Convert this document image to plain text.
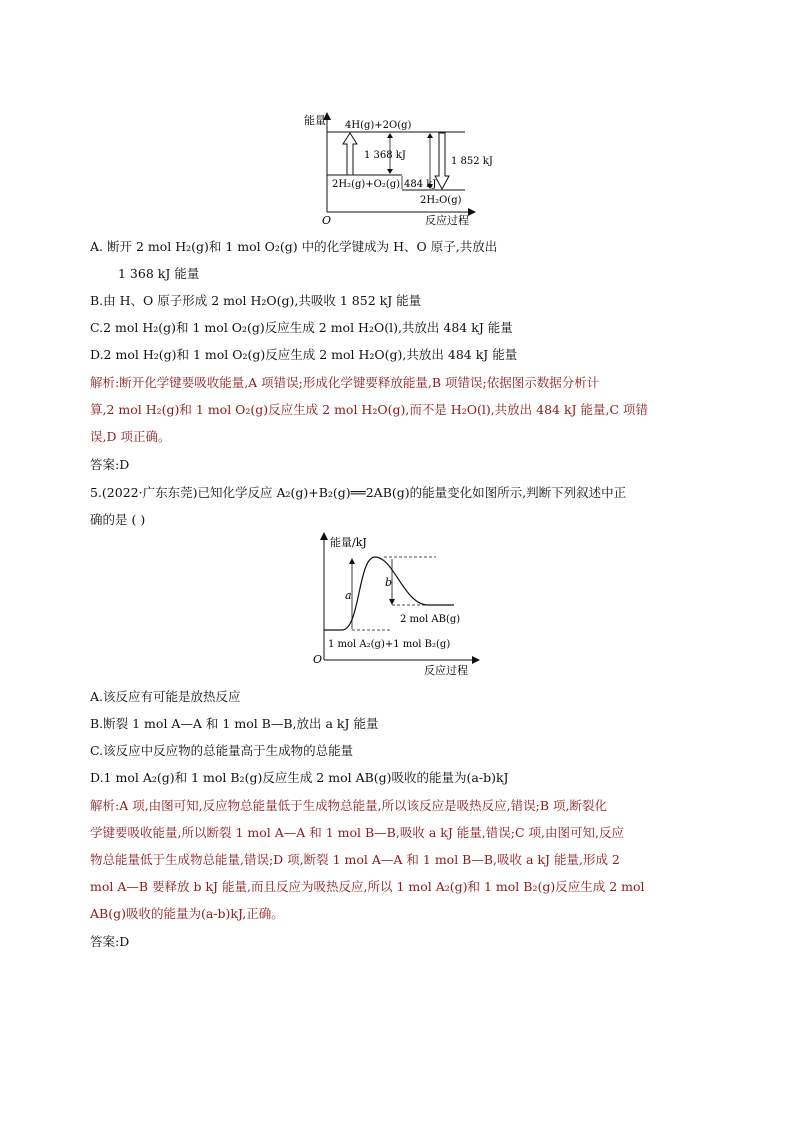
能量
O	反应过程
4H(g)+2O(g)
2H₂(g)+O₂(g)
2H₂O(g)
1 368 kJ
1 852 kJ
484 kJ
A. 断开 2 mol H₂(g)和 1 mol O₂(g) 中的化学键成为 H、O 原子,共放出
1 368 kJ 能量
B.由 H、O 原子形成 2 mol H₂O(g),共吸收 1 852 kJ 能量
C.2 mol H₂(g)和 1 mol O₂(g)反应生成 2 mol H₂O(l),共放出 484 kJ 能量
D.2 mol H₂(g)和 1 mol O₂(g)反应生成 2 mol H₂O(g),共放出 484 kJ 能量
解析:断开化学键要吸收能量,A 项错误;形成化学键要释放能量,B 项错误;依据图示数据分析计
算,2 mol H₂(g)和 1 mol O₂(g)反应生成 2 mol H₂O(g),而不是 H₂O(l),共放出 484 kJ 能量,C 项错
误,D 项正确。
答案:D
5.(2022·广东东莞)已知化学反应 A₂(g)+B₂(g)══2AB(g)的能量变化如图所示,判断下列叙述中正
确的是 ( )
能量/kJ
O
反应过程
a
b
2 mol AB(g)
1 mol A₂(g)+1 mol B₂(g)
A.该反应有可能是放热反应
B.断裂 1 mol A—A 和 1 mol B—B,放出 a kJ 能量
C.该反应中反应物的总能量高于生成物的总能量
D.1 mol A₂(g)和 1 mol B₂(g)反应生成 2 mol AB(g)吸收的能量为(a-b)kJ
解析:A 项,由图可知,反应物总能量低于生成物总能量,所以该反应是吸热反应,错误;B 项,断裂化
学键要吸收能量,所以断裂 1 mol A—A 和 1 mol B—B,吸收 a kJ 能量,错误;C 项,由图可知,反应
物总能量低于生成物总能量,错误;D 项,断裂 1 mol A—A 和 1 mol B—B,吸收 a kJ 能量,形成 2
mol A—B 要释放 b kJ 能量,而且反应为吸热反应,所以 1 mol A₂(g)和 1 mol B₂(g)反应生成 2 mol
AB(g)吸收的能量为(a-b)kJ,正确。
答案:D
